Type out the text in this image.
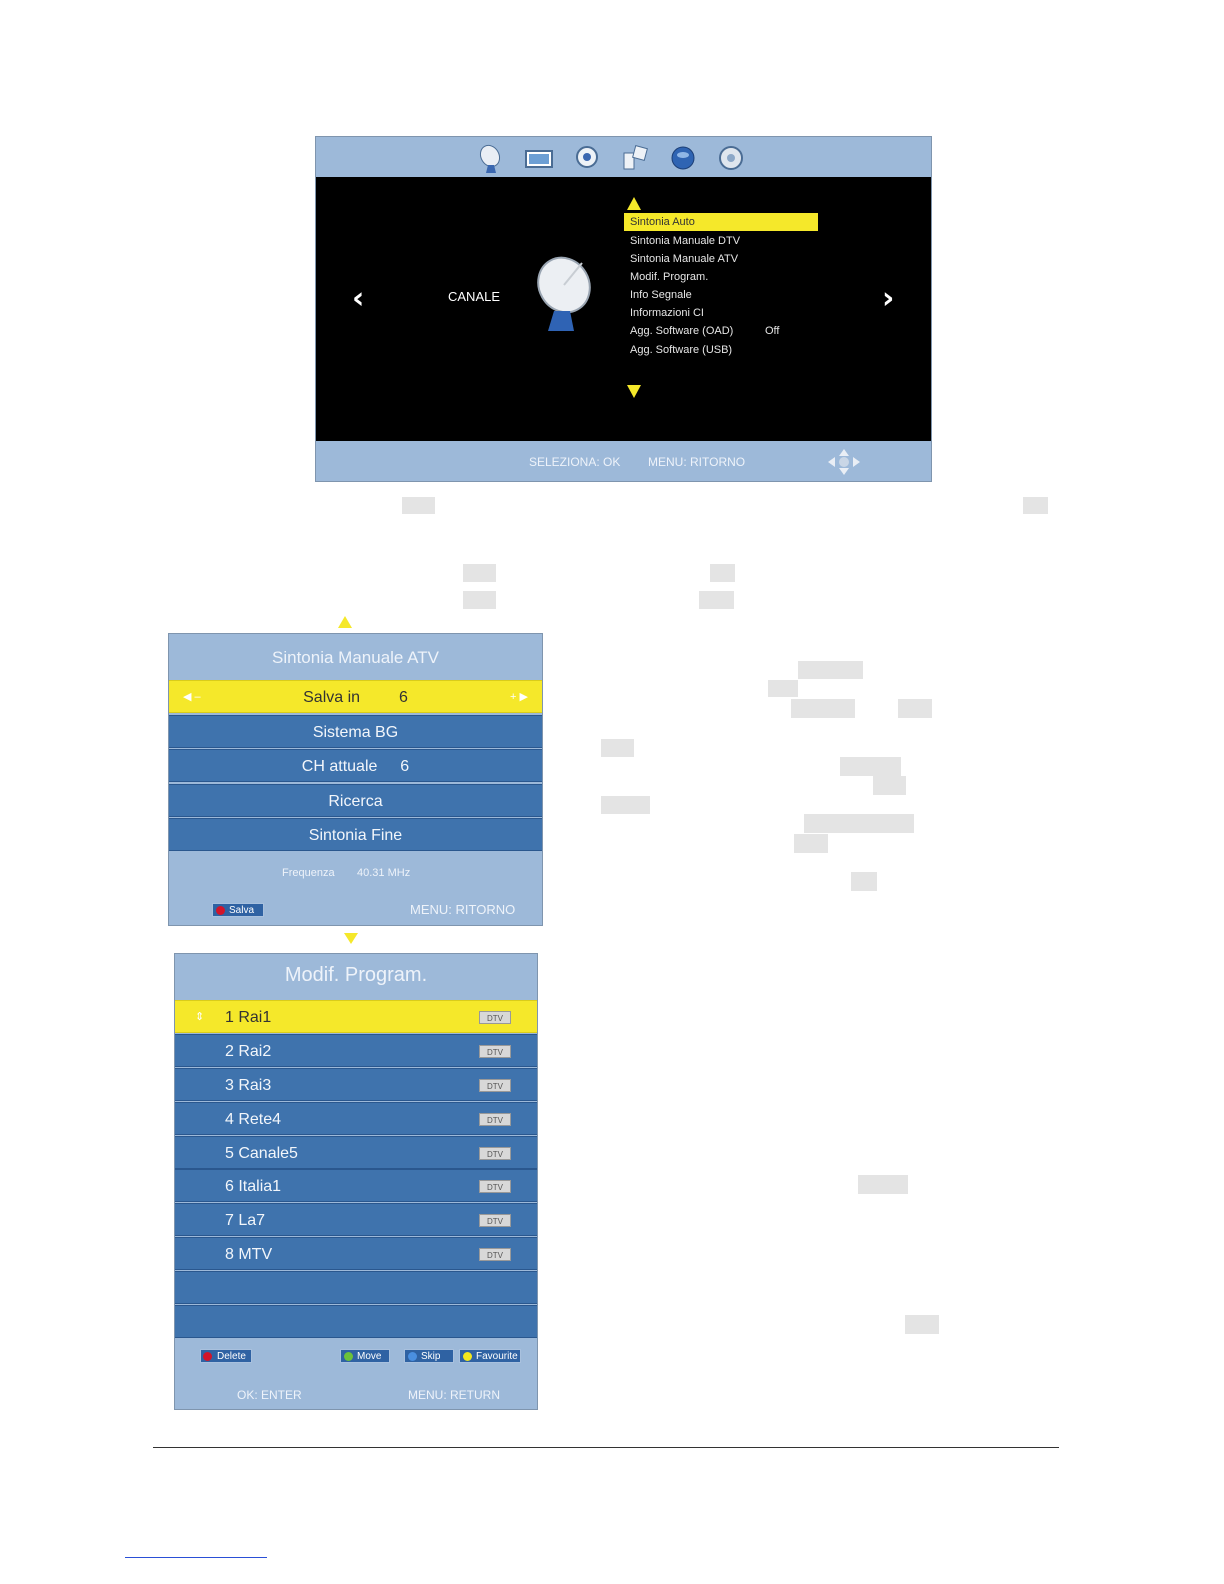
‹	›
CANALE
Sintonia Auto
Sintonia Manuale DTV
Sintonia Manuale ATV
Modif. Program.
Info Segnale
Informazioni CI
Agg. Software (OAD)	Off
Agg. Software (USB)
SELEZIONA: OK MENU: RITORNO
Sintonia Manuale ATV
◀ –	Salva in 6	+ ▶
Sistema BG
CH attuale 6
Ricerca
Sintonia Fine
Frequenza 40.31 MHz
Salva	MENU: RITORNO
Modif. Program.
⇕ 1 Rai1	DTV
2 Rai2	DTV
3 Rai3	DTV
4 Rete4	DTV
5 Canale5	DTV
6 Italia1	DTV
7 La7	DTV
8 MTV	DTV
Delete	Move	Skip	Favourite
OK: ENTER	MENU: RETURN
